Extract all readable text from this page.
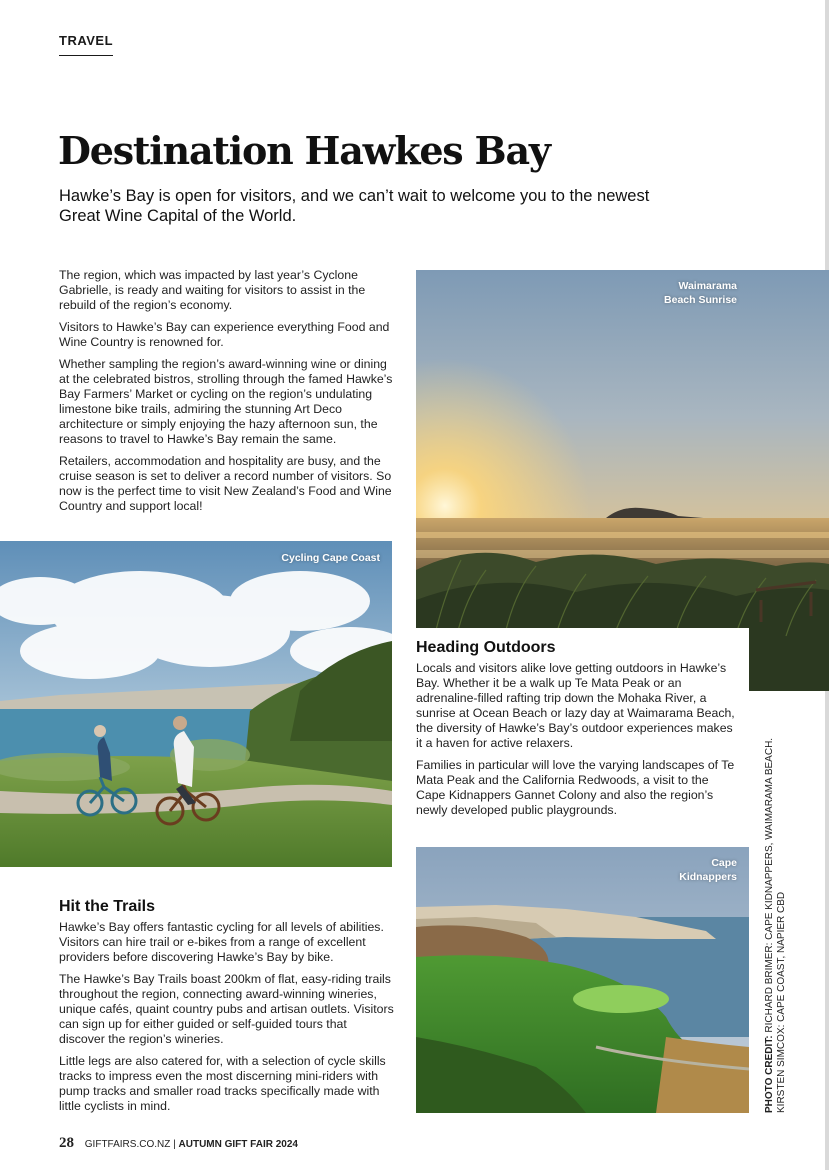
TRAVEL
Destination Hawkes Bay

Hawke’s Bay is open for visitors, and we can’t wait to welcome you to the newest Great Wine Capital of the World.

The region, which was impacted by last year’s Cyclone Gabrielle, is ready and waiting for visitors to assist in the rebuild of the region’s economy.

Visitors to Hawke’s Bay can experience everything Food and Wine Country is renowned for.

Whether sampling the region’s award-winning wine or dining at the celebrated bistros, strolling through the famed Hawke’s Bay Farmers’ Market or cycling on the region’s undulating limestone bike trails, admiring the stunning Art Deco architecture or simply enjoying the hazy afternoon sun, the reasons to travel to Hawke’s Bay remain the same.

Retailers, accommodation and hospitality are busy, and the cruise season is set to deliver a record number of visitors. So now is the perfect time to visit New Zealand’s Food and Wine Country and support local!

Waimarama
Beach Sunrise
Heading Outdoors

Locals and visitors alike love getting outdoors in Hawke’s Bay. Whether it be a walk up Te Mata Peak or an adrenaline-filled rafting trip down the Mohaka River, a sunrise at Ocean Beach or lazy day at Waimarama Beach, the diversity of Hawke’s Bay’s outdoor experiences makes it a haven for active relaxers.

Families in particular will love the varying landscapes of Te Mata Peak and the California Redwoods, a visit to the Cape Kidnappers Gannet Colony and also the region’s newly developed public playgrounds.

Cycling Cape Coast
Cape
Kidnappers
Hit the Trails

Hawke’s Bay offers fantastic cycling for all levels of abilities. Visitors can hire trail or e-bikes from a range of excellent providers before discovering Hawke’s Bay by bike.

The Hawke’s Bay Trails boast 200km of flat, easy-riding trails throughout the region, connecting award-winning wineries, unique cafés, quaint country pubs and artisan outlets. Visitors can sign up for either guided or self-guided tours that discover the region’s wineries.

Little legs are also catered for, with a selection of cycle skills tracks to impress even the most discerning mini-riders with pump tracks and smaller road tracks specifically made with little cyclists in mind.	PHOTO CREDIT: RICHARD BRIMER: CAPE KIDNAPPERS, WAIMARAMA BEACH. KIRSTEN SIMCOX: CAPE COAST, NAPIER CBD
28 GIFTFAIRS.CO.NZ | AUTUMN GIFT FAIR 2024
